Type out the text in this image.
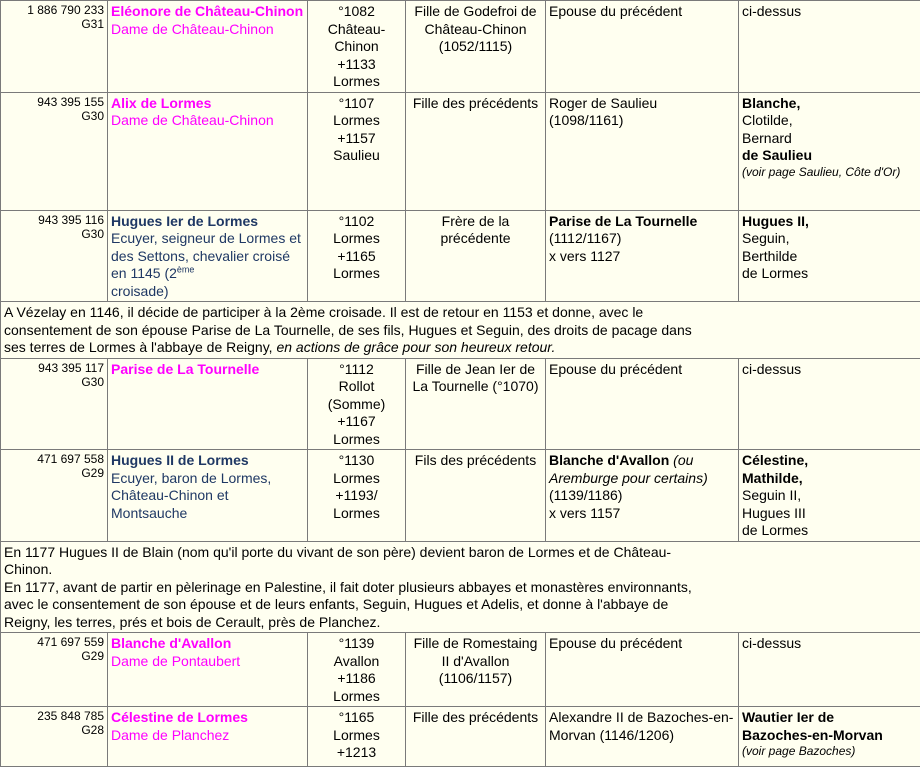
1 886 790 233
G31	Eléonore de Château-Chinon
Dame de Château-Chinon	°1082
Château-Chinon
+1133
Lormes	Fille de Godefroi de Château-Chinon (1052/1115)	Epouse du précédent	ci-dessus

943 395 155
G30	Alix de Lormes
Dame de Château-Chinon	°1107
Lormes
+1157
Saulieu	Fille des précédents	Roger de Saulieu (1098/1161)	Blanche,
Clotilde,
Bernard
de Saulieu
(voir page Saulieu, Côte d'Or)

943 395 116
G30	Hugues Ier de Lormes
Ecuyer, seigneur de Lormes et des Settons, chevalier croisé en 1145 (2ème
croisade)	°1102
Lormes
+1165
Lormes	Frère de la précédente	Parise de La Tournelle
(1112/1167)
x vers 1127	Hugues II,
Seguin,
Berthilde
de Lormes

A Vézelay en 1146, il décide de participer à la 2ème croisade. Il est de retour en 1153 et donne, avec le
consentement de son épouse Parise de La Tournelle, de ses fils, Hugues et Seguin, des droits de pacage dans
ses terres de Lormes à l'abbaye de Reigny, en actions de grâce pour son heureux retour.					

943 395 117
G30	Parise de La Tournelle	°1112
Rollot
(Somme)
+1167
Lormes	Fille de Jean Ier de La Tournelle (°1070)	Epouse du précédent	ci-dessus

471 697 558
G29	Hugues II de Lormes
Ecuyer, baron de Lormes, Château-Chinon et Montsauche	°1130
Lormes
+1193/
Lormes	Fils des précédents	Blanche d'Avallon (ou Aremburge pour certains)
(1139/1186)
x vers 1157	Célestine,
Mathilde,
Seguin II,
Hugues III
de Lormes

En 1177 Hugues II de Blain (nom qu'il porte du vivant de son père) devient baron de Lormes et de Château-
Chinon.
En 1177, avant de partir en pèlerinage en Palestine, il fait doter plusieurs abbayes et monastères environnants,
avec le consentement de son épouse et de leurs enfants, Seguin, Hugues et Adelis, et donne à l'abbaye de
Reigny, les terres, prés et bois de Cerault, près de Planchez.					

471 697 559
G29	Blanche d'Avallon
Dame de Pontaubert	°1139
Avallon
+1186
Lormes	Fille de Romestaing II d'Avallon (1106/1157)	Epouse du précédent	ci-dessus

235 848 785
G28	Célestine de Lormes
Dame de Planchez	°1165
Lormes
+1213	Fille des précédents	Alexandre II de Bazoches-en-Morvan (1146/1206)	Wautier Ier de
Bazoches-en-Morvan
(voir page Bazoches)
